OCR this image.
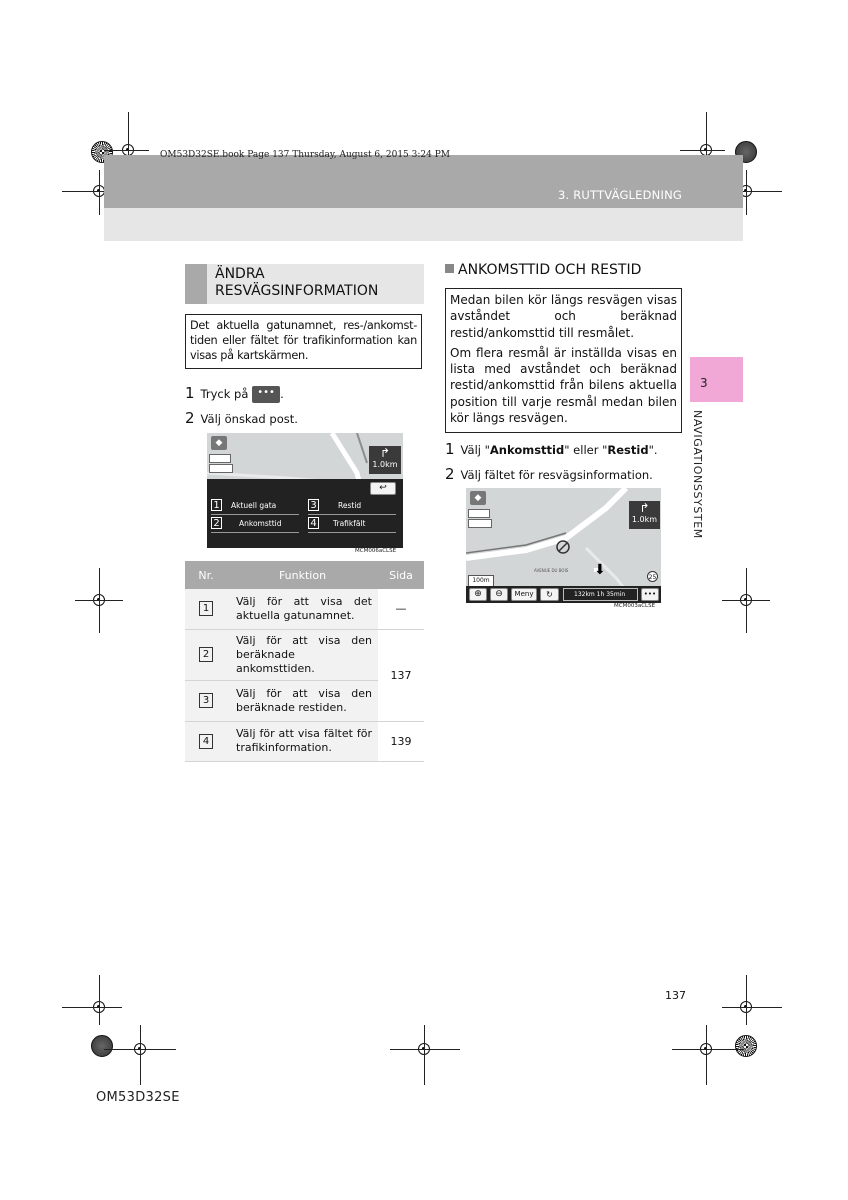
OM53D32SE.book Page 137 Thursday, August 6, 2015 3:24 PM
3. RUTTVÄGLEDNING
3
NAVIGATIONSSYSTEM
ÄNDRA RESVÄGSINFORMATION
Det aktuella gatunamnet, res-/ankomst-tiden eller fältet för trafikinformation kan visas på kartskärmen.
1 Tryck på ••• .
2 Välj önskad post.
◆
↱
1.0km
↩
1	Aktuell gata	3	Restid
2	Ankomsttid	4	Trafikfält
MCM006aCLSE
Nr.	Funktion	Sida
1	Välj för att visa det aktuella gatunamnet.	—
2	Välj för att visa den beräknade ankomsttiden.	137
3	Välj för att visa den beräknade restiden.	
4	Välj för att visa fältet för trafikinformation.	139
ANKOMSTTID OCH RESTID

Medan bilen kör längs resvägen visas avståndet och beräknad restid/ankomsttid till resmålet.

Om flera resmål är inställda visas en lista med avståndet och beräknad restid/ankomsttid från bilens aktuella position till varje resmål medan bilen kör längs resvägen.

1 Välj "Ankomsttid" eller "Restid".
2 Välj fältet för resvägsinformation.
◆
↱
1.0km
AVENUE DU BOIS ⬇	25
100m
⊕	⊖	Meny	↻	132km 1h 35min	•••
MCM003aCLSE
137
OM53D32SE
